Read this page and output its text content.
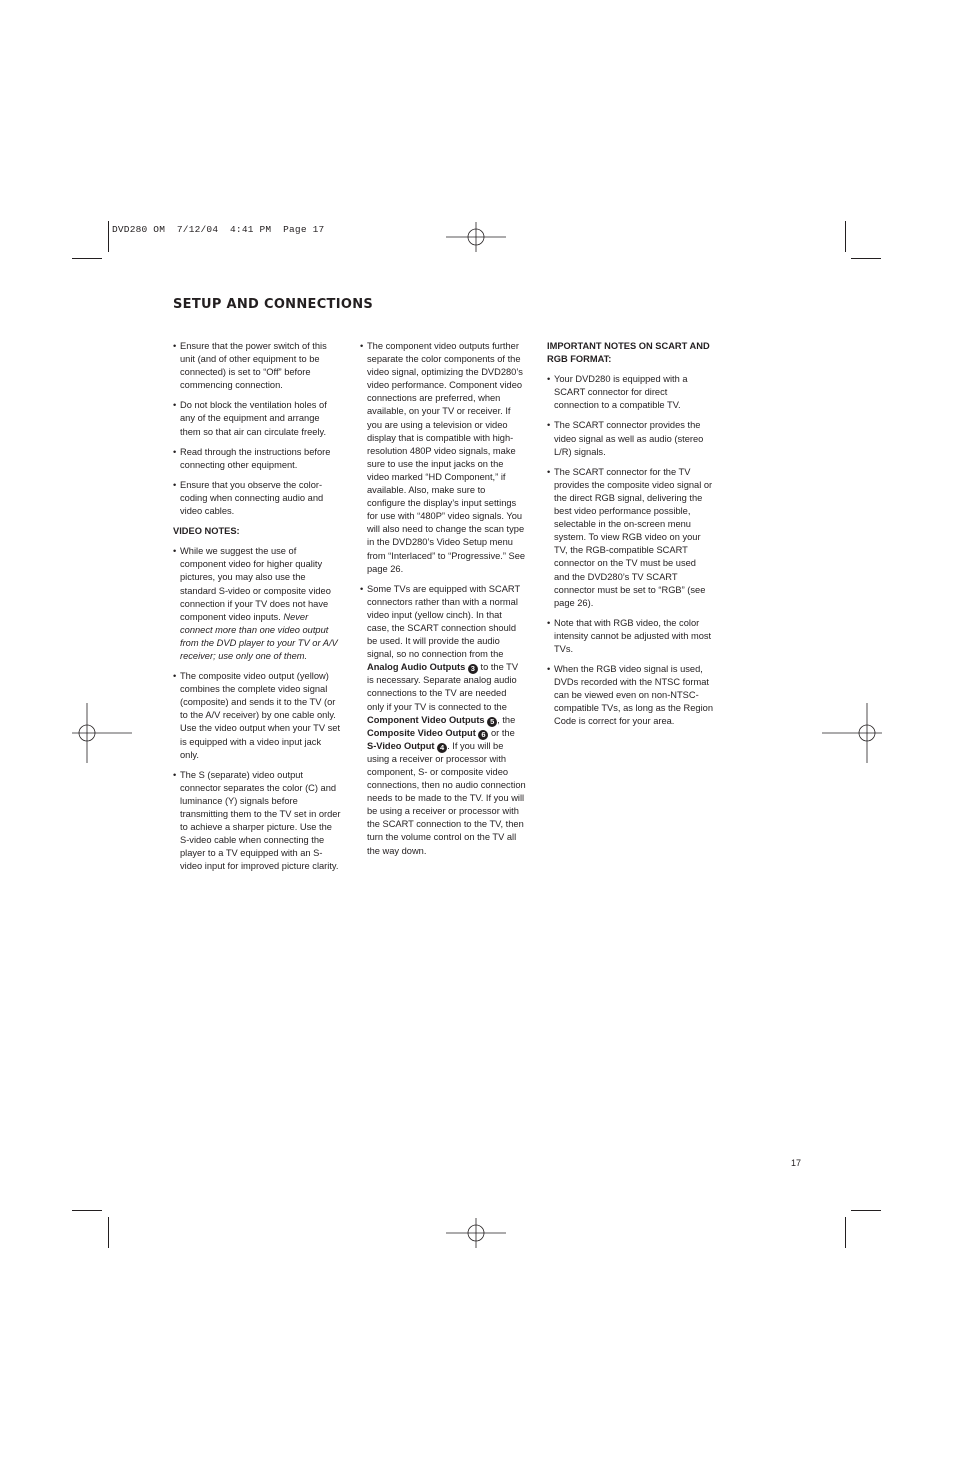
DVD280 OM  7/12/04  4:41 PM  Page 17
SETUP AND CONNECTIONS
• Ensure that the power switch of this unit (and of other equipment to be connected) is set to “Off” before commencing connection.
• Do not block the ventilation holes of any of the equipment and arrange them so that air can circulate freely.
• Read through the instructions before connecting other equipment.
• Ensure that you observe the color-coding when connecting audio and video cables.
VIDEO NOTES:
• While we suggest the use of component video for higher quality pictures, you may also use the standard S-video or composite video connection if your TV does not have component video inputs. Never connect more than one video output from the DVD player to your TV or A/V receiver; use only one of them.
• The composite video output (yellow) combines the complete video signal (composite) and sends it to the TV (or to the A/V receiver) by one cable only. Use the video output when your TV set is equipped with a video input jack only.
• The S (separate) video output connector separates the color (C) and luminance (Y) signals before transmitting them to the TV set in order to achieve a sharper picture. Use the S-video cable when connecting the player to a TV equipped with an S-video input for improved picture clarity.
• The component video outputs further separate the color components of the video signal, optimizing the DVD280’s video performance. Component video connections are preferred, when available, on your TV or receiver. If you are using a television or video display that is compatible with high-resolution 480P video signals, make sure to use the input jacks on the video marked “HD Component,” if available. Also, make sure to configure the display’s input settings for use with “480P” video signals. You will also need to change the scan type in the DVD280’s Video Setup menu from “Interlaced” to “Progressive.” See page 26.
• Some TVs are equipped with SCART connectors rather than with a normal video input (yellow cinch). In that case, the SCART connection should be used. It will provide the audio signal, so no connection from the Analog Audio Outputs 3 to the TV is necessary. Separate analog audio connections to the TV are needed only if your TV is connected to the Component Video Outputs 5 , the Composite Video Output 6 or the S-Video Output 4 . If you will be using a receiver or processor with component, S- or composite video connections, then no audio connection needs to be made to the TV. If you will be using a receiver or processor with the SCART connection to the TV, then turn the volume control on the TV all the way down.
IMPORTANT NOTES ON SCART AND RGB FORMAT:
• Your DVD280 is equipped with a SCART connector for direct connection to a compatible TV.
• The SCART connector provides the video signal as well as audio (stereo L/R) signals.
• The SCART connector for the TV provides the composite video signal or the direct RGB signal, delivering the best video performance possible, selectable in the on-screen menu system. To view RGB video on your TV, the RGB-compatible SCART connector on the TV must be used and the DVD280’s TV SCART connector must be set to “RGB” (see page 26).
• Note that with RGB video, the color intensity cannot be adjusted with most TVs.
• When the RGB video signal is used, DVDs recorded with the NTSC format can be viewed even on non-NTSC-compatible TVs, as long as the Region Code is correct for your area.
17
